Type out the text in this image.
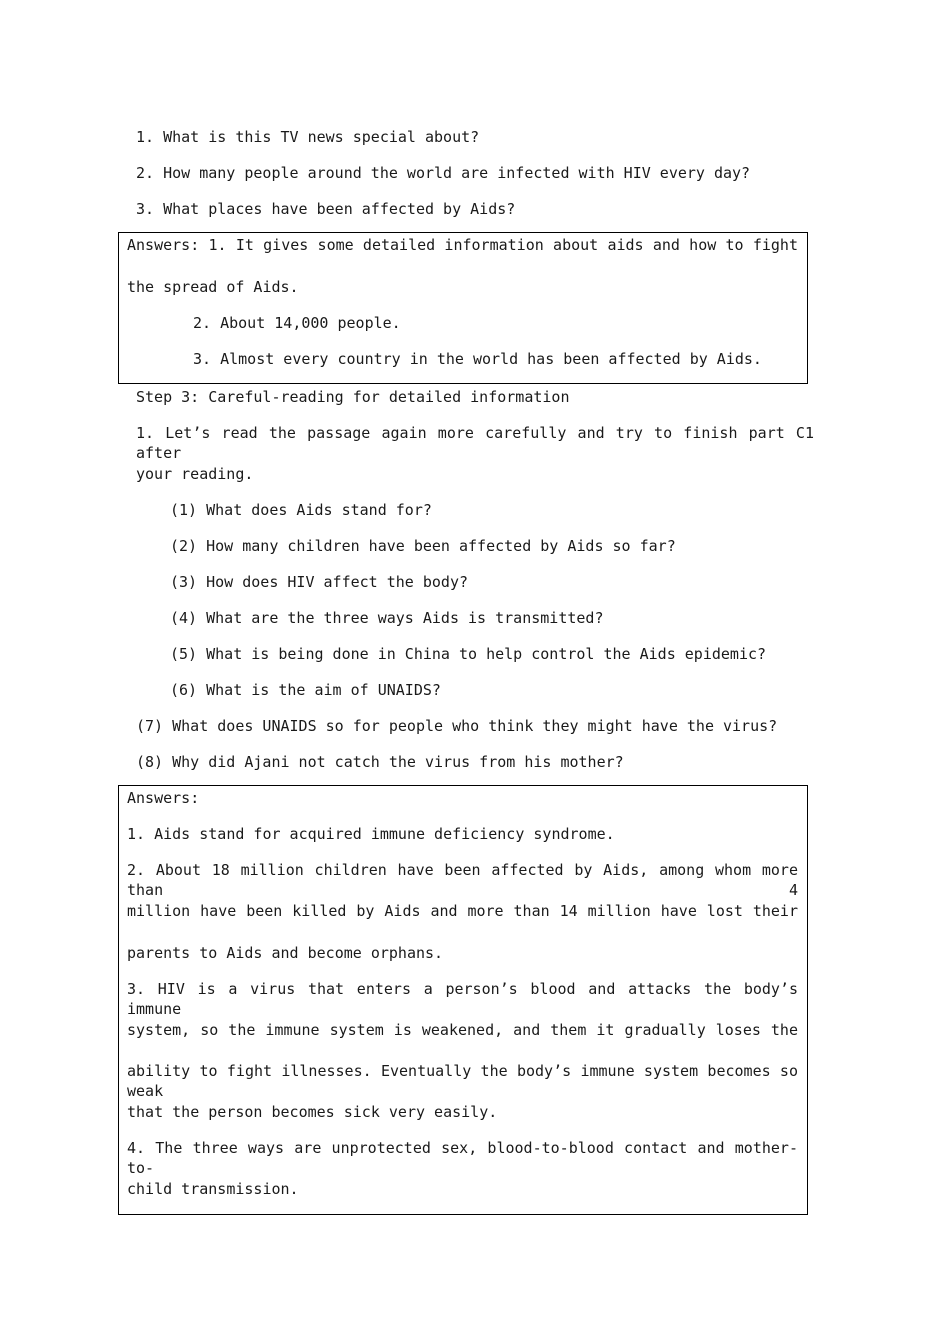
1. What is this TV news special about?
2. How many people around the world are infected with HIV every day?
3. What places have been affected by Aids?
Answers: 1. It gives some detailed information about aids and how to fight
the spread of Aids.
2. About 14,000 people.
3. Almost every country in the world has been affected by Aids.
Step 3: Careful-reading for detailed information
1. Let’s read the passage again more carefully and try to finish part C1 after
your reading.
(1) What does Aids stand for?
(2) How many children have been affected by Aids so far?
(3) How does HIV affect the body?
(4) What are the three ways Aids is transmitted?
(5) What is being done in China to help control the Aids epidemic?
(6) What is the aim of UNAIDS?
(7) What does UNAIDS so for people who think they might have the virus?
(8) Why did Ajani not catch the virus from his mother?
Answers:
1. Aids stand for acquired immune deficiency syndrome.
2. About 18 million children have been affected by Aids, among whom more than 4
million have been killed by Aids and more than 14 million have lost their
parents to Aids and become orphans.
3. HIV is a virus that enters a person’s blood and attacks the body’s immune
system, so the immune system is weakened, and them it gradually loses the
ability to fight illnesses. Eventually the body’s immune system becomes so weak
that the person becomes sick very easily.
4. The three ways are unprotected sex, blood-to-blood contact and mother-to-
child transmission.
